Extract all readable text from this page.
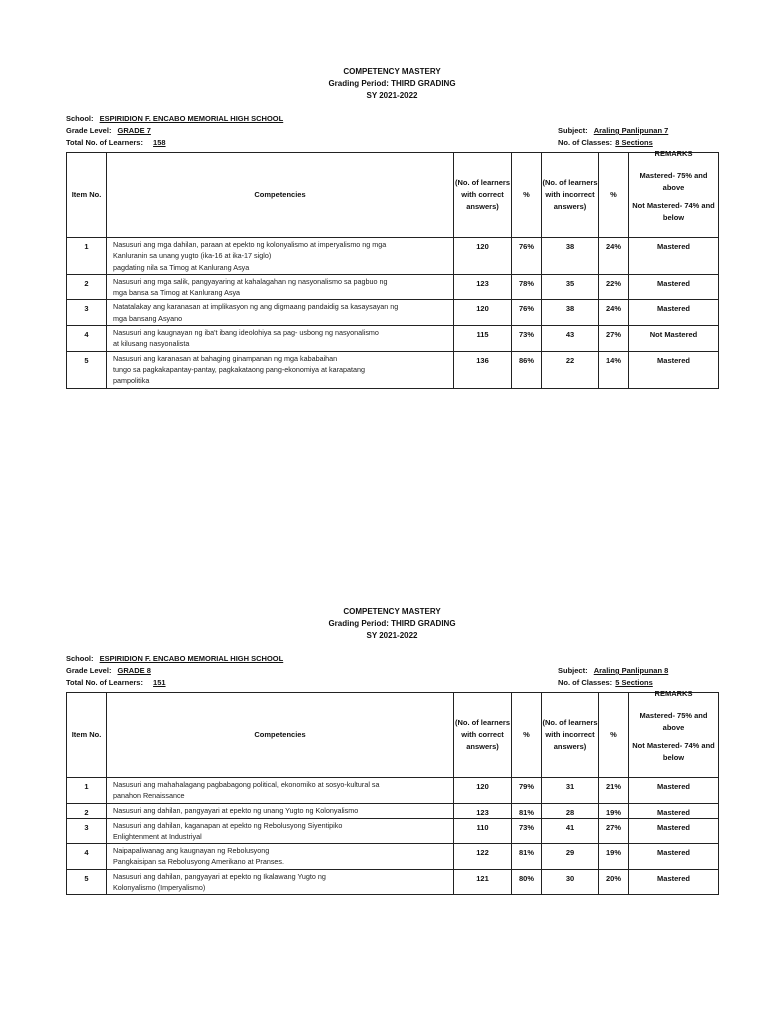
COMPETENCY MASTERY
Grading Period: THIRD GRADING
SY 2021-2022
School: ESPIRIDION F. ENCABO MEMORIAL HIGH SCHOOL
Grade Level: GRADE 7
Total No. of Learners: 158
Subject: Araling Panlipunan 7
No. of Classes: 8 Sections
Item No.	Competencies	(No. of learners with correct answers)	%	(No. of learners with incorrect answers)	%	REMARKS
Mastered- 75% and above
Not Mastered- 74% and below

1	Nasusuri ang mga dahilan, paraan at epekto ng kolonyalismo at imperyalismo ng mga
Kanluranin sa unang yugto (ika-16 at ika-17 siglo)
pagdating nila sa Timog at Kanlurang Asya	120	76%	38	24%	Mastered
2	Nasusuri ang mga salik, pangyayaring at kahalagahan ng nasyonalismo sa pagbuo ng
mga bansa sa Timog at Kanlurang Asya	123	78%	35	22%	Mastered
3	Natatalakay ang karanasan at implikasyon ng ang digmaang pandaidig sa kasaysayan ng
mga bansang Asyano	120	76%	38	24%	Mastered
4	Nasusuri ang kaugnayan ng iba't ibang ideolohiya sa pag- usbong ng nasyonalismo
at kilusang nasyonalista	115	73%	43	27%	Not Mastered
5	Nasusuri ang karanasan at bahaging ginampanan ng mga kababaihan
tungo sa pagkakapantay-pantay, pagkakataong pang-ekonomiya at karapatang
pampolitika	136	86%	22	14%	Mastered
COMPETENCY MASTERY
Grading Period: THIRD GRADING
SY 2021-2022
School: ESPIRIDION F. ENCABO MEMORIAL HIGH SCHOOL
Grade Level: GRADE 8
Total No. of Learners: 151
Subject: Araling Panlipunan 8
No. of Classes: 5 Sections
Item No.	Competencies	(No. of learners with correct answers)	%	(No. of learners with incorrect answers)	%	REMARKS
Mastered- 75% and above
Not Mastered- 74% and below

1	Nasusuri ang mahahalagang pagbabagong political, ekonomiko at sosyo-kultural sa
panahon Renaissance	120	79%	31	21%	Mastered
2	Nasusuri ang dahilan, pangyayari at epekto ng unang Yugto ng Kolonyalismo	123	81%	28	19%	Mastered
3	Nasusuri ang dahilan, kaganapan at epekto ng Rebolusyong Siyentipiko
Enlightenment at Industriyal	110	73%	41	27%	Mastered
4	Naipapaliwanag ang kaugnayan ng Rebolusyong
Pangkaisipan sa Rebolusyong Amerikano at Pranses.	122	81%	29	19%	Mastered
5	Nasusuri ang dahilan, pangyayari at epekto ng Ikalawang Yugto ng
Kolonyalismo (Imperyalismo)	121	80%	30	20%	Mastered
